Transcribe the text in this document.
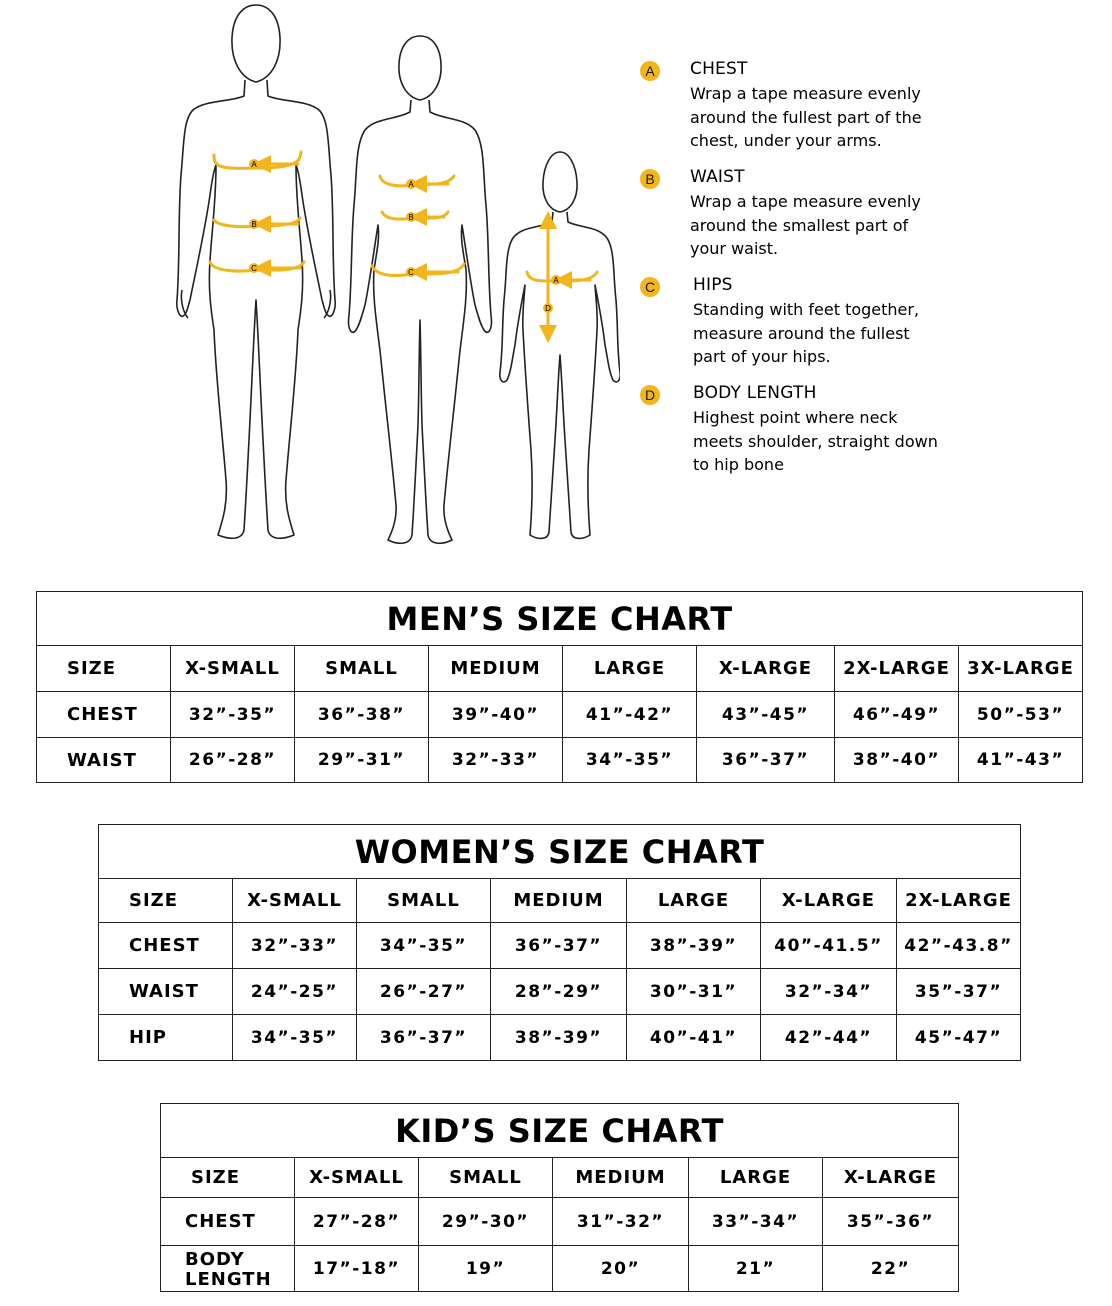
A
B
C
A
B
C
A
D
A	CHEST
Wrap a tape measure evenly around the fullest part of the chest, under your arms.
B	WAIST
Wrap a tape measure evenly around the smallest part of your waist.
C HIPS
Standing with feet together, measure around the fullest part of your hips.
D BODY LENGTH
Highest point where neck meets shoulder, straight down to hip bone
MEN’S SIZE CHART							
SIZE	X-SMALL	SMALL	MEDIUM	LARGE	X-LARGE	2X-LARGE	3X-LARGE
CHEST	32”-35”	36”-38”	39”-40”	41”-42”	43”-45”	46”-49”	50”-53”
WAIST	26”-28”	29”-31”	32”-33”	34”-35”	36”-37”	38”-40”	41”-43”
WOMEN’S SIZE CHART						
SIZE	X-SMALL	SMALL	MEDIUM	LARGE	X-LARGE	2X-LARGE
CHEST	32”-33”	34”-35”	36”-37”	38”-39”	40”-41.5”	42”-43.8”
WAIST	24”-25”	26”-27”	28”-29”	30”-31”	32”-34”	35”-37”
HIP	34”-35”	36”-37”	38”-39”	40”-41”	42”-44”	45”-47”
KID’S SIZE CHART					
SIZE	X-SMALL	SMALL	MEDIUM	LARGE	X-LARGE
CHEST	27”-28”	29”-30”	31”-32”	33”-34”	35”-36”

BODY
LENGTH	17”-18”	19”	20”	21”	22”
